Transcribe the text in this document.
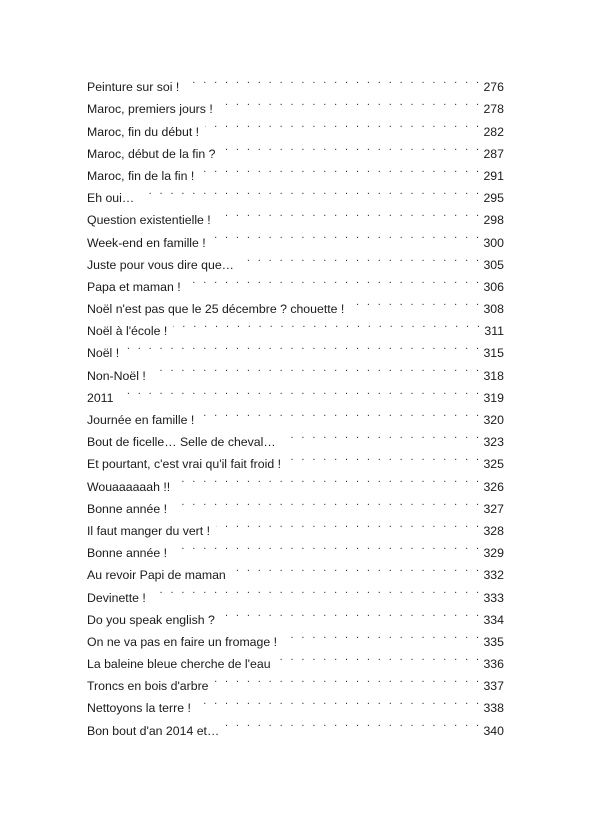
Peinture sur soi ! . . .	276
Maroc, premiers jours ! . . .	278
Maroc, fin du début ! . . .	282
Maroc, début de la fin ? . . .	287
Maroc, fin de la fin ! . . .	291
Eh oui… . . .	295
Question existentielle ! . . .	298
Week-end en famille ! . . .	300
Juste pour vous dire que… . . .	305
Papa et maman ! . . .	306
Noël n'est pas que le 25 décembre ? chouette ! . . .	308
Noël à l'école ! . . .	311
Noël ! . . .	315
Non-Noël ! . . .	318
2011 . . .	319
Journée en famille ! . . .	320
Bout de ficelle… Selle de cheval… . . .	323
Et pourtant, c'est vrai qu'il fait froid ! . . .	325
Wouaaaaaah !! . . .	326
Bonne année ! . . .	327
Il faut manger du vert ! . . .	328
Bonne année ! . . .	329
Au revoir Papi de maman . . .	332
Devinette ! . . .	333
Do you speak english ? . . .	334
On ne va pas en faire un fromage ! . . .	335
La baleine bleue cherche de l'eau . . .	336
Troncs en bois d'arbre . . .	337
Nettoyons la terre ! . . .	338
Bon bout d'an 2014 et… . . .	340
